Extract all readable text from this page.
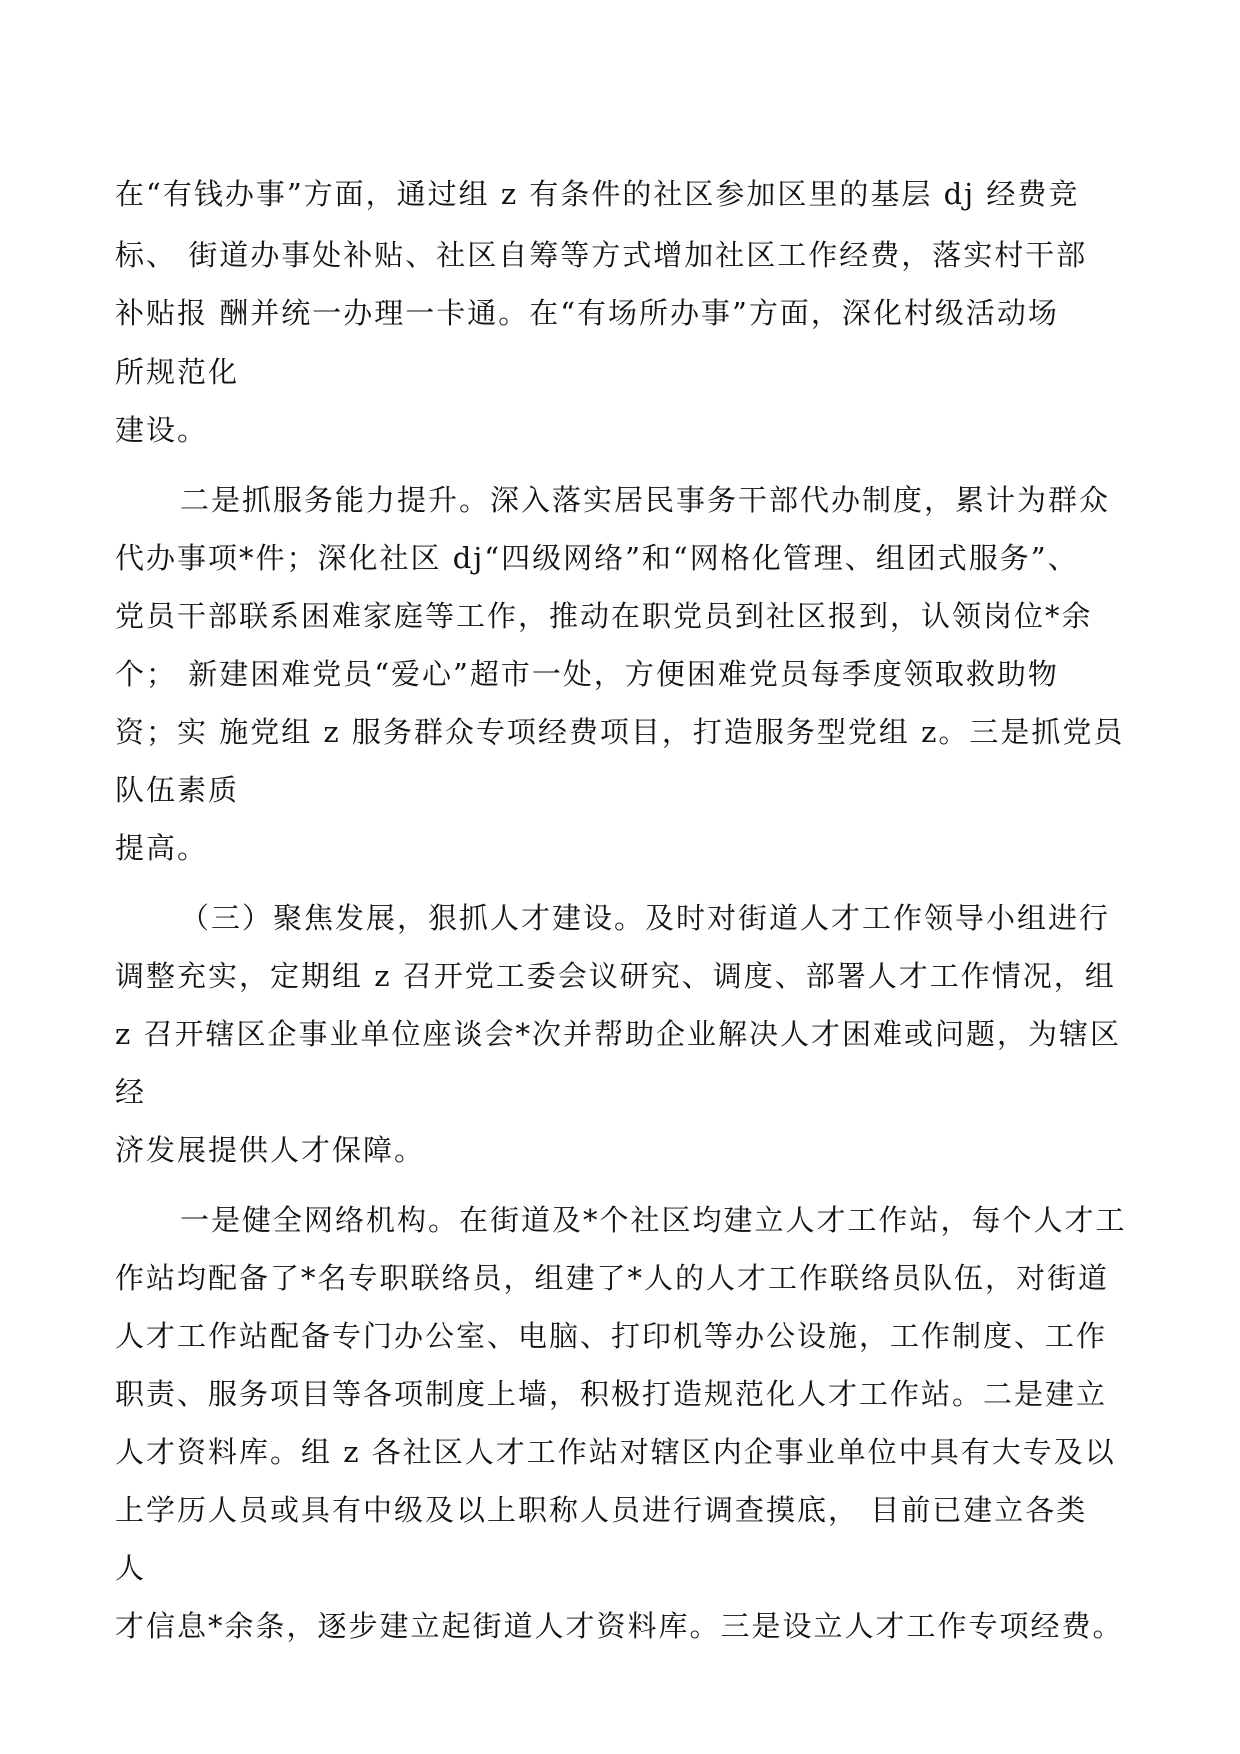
在“有钱办事”方面，通过组 z 有条件的社区参加区里的基层 dj 经费竞
标、 街道办事处补贴、社区自筹等方式增加社区工作经费，落实村干部
补贴报 酬并统一办理一卡通。在“有场所办事”方面，深化村级活动场
所规范化
建设。
二是抓服务能力提升。深入落实居民事务干部代办制度，累计为群众
代办事项*件；深化社区 dj“四级网络”和“网格化管理、组团式服务”、
党员干部联系困难家庭等工作，推动在职党员到社区报到，认领岗位*余
个； 新建困难党员“爱心”超市一处，方便困难党员每季度领取救助物
资；实 施党组 z 服务群众专项经费项目，打造服务型党组 z。三是抓党员
队伍素质
提高。
（三）聚焦发展，狠抓人才建设。及时对街道人才工作领导小组进行
调整充实，定期组 z 召开党工委会议研究、调度、部署人才工作情况，组
z 召开辖区企事业单位座谈会*次并帮助企业解决人才困难或问题，为辖区
经
济发展提供人才保障。
一是健全网络机构。在街道及*个社区均建立人才工作站，每个人才工
作站均配备了*名专职联络员，组建了*人的人才工作联络员队伍，对街道
人才工作站配备专门办公室、电脑、打印机等办公设施，工作制度、工作
职责、服务项目等各项制度上墙，积极打造规范化人才工作站。二是建立
人才资料库。组 z 各社区人才工作站对辖区内企事业单位中具有大专及以
上学历人员或具有中级及以上职称人员进行调查摸底， 目前已建立各类
人
才信息*余条，逐步建立起街道人才资料库。三是设立人才工作专项经费。
